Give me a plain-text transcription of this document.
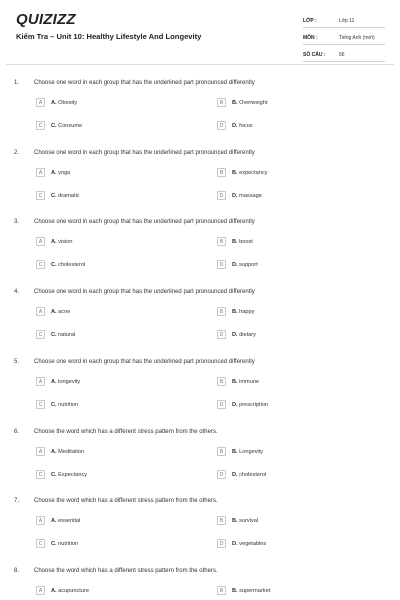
QUIZIZZ
Kiểm Tra – Unit 10: Healthy Lifestyle And Longevity
LỚP :	Lớp 11
MÔN :	Tiếng Anh (mới)
SỐ CÂU :	56
1. Choose one word in each group that has the underlined part pronounced differently
A	A. Obesity	B	B. Overweight
C	C. Consume	D	D. focus
2. Choose one word in each group that has the underlined part pronounced differently
A	A. yoga	B	B. expectancy
C	C. dramatic	D	D. massage
3. Choose one word in each group that has the underlined part pronounced differently
A	A. vision	B	B. boost
C	C. cholesterol	D	D. support
4. Choose one word in each group that has the underlined part pronounced differently
A	A. acne	B	B. happy
C	C. natural	D	D. dietary
5. Choose one word in each group that has the underlined part pronounced differently
A	A. longevity	B	B. immune
C	C. nutrition	D	D. prescription
6. Choose the word which has a different stress pattern from the others.
A	A. Meditation	B	B. Longevity
C	C. Expectancy	D	D. cholesterol
7. Choose the word which has a different stress pattern from the others.
A	A. essential	B	B. survival
C	C. nutrition	D	D. vegetables
8. Choose the word which has a different stress pattern from the others.
A	A. acupuncture	B	B. supermarket
